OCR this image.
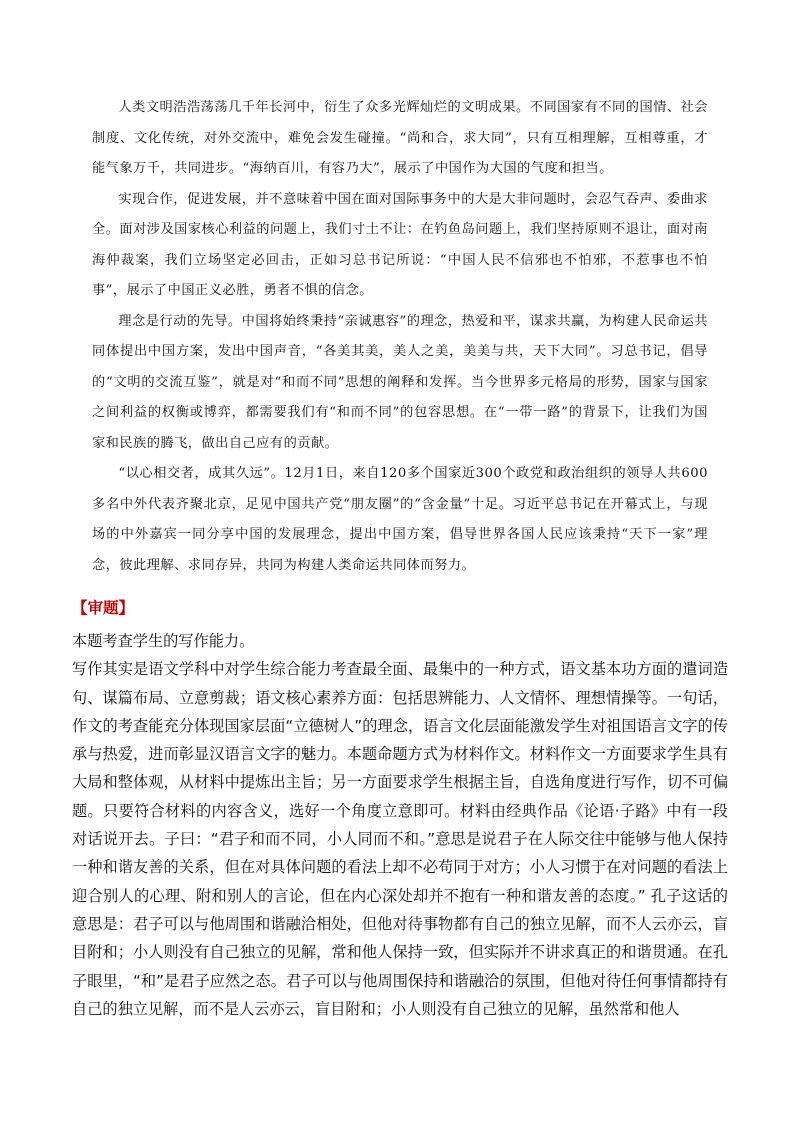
人类文明浩浩荡荡几千年长河中，衍生了众多光辉灿烂的文明成果。不同国家有不同的国情、社会制度、文化传统，对外交流中，难免会发生碰撞。“尚和合，求大同”，只有互相理解，互相尊重，才能气象万千，共同进步。“海纳百川，有容乃大”，展示了中国作为大国的气度和担当。

实现合作，促进发展，并不意味着中国在面对国际事务中的大是大非问题时，会忍气吞声、委曲求全。面对涉及国家核心利益的问题上，我们寸土不让：在钓鱼岛问题上，我们坚持原则不退让，面对南海仲裁案，我们立场坚定必回击，正如习总书记所说：“中国人民不信邪也不怕邪，不惹事也不怕事”，展示了中国正义必胜，勇者不惧的信念。

理念是行动的先导。中国将始终秉持“亲诚惠容”的理念，热爱和平，谋求共赢，为构建人民命运共同体提出中国方案，发出中国声音，“各美其美，美人之美，美美与共，天下大同”。习总书记，倡导的“文明的交流互鉴”，就是对“和而不同”思想的阐释和发挥。当今世界多元格局的形势，国家与国家之间利益的权衡或博弈，都需要我们有“和而不同”的包容思想。在“一带一路”的背景下，让我们为国家和民族的腾飞，做出自己应有的贡献。

“以心相交者，成其久远”。12月1日，来自120多个国家近300个政党和政治组织的领导人共600多名中外代表齐聚北京，足见中国共产党“朋友圈”的“含金量”十足。习近平总书记在开幕式上，与现场的中外嘉宾一同分享中国的发展理念，提出中国方案，倡导世界各国人民应该秉持“天下一家”理念，彼此理解、求同存异，共同为构建人类命运共同体而努力。

【审题】

本题考查学生的写作能力。

写作其实是语文学科中对学生综合能力考查最全面、最集中的一种方式，语文基本功方面的遣词造句、谋篇布局、立意剪裁；语文核心素养方面：包括思辨能力、人文情怀、理想情操等。一句话，作文的考查能充分体现国家层面“立德树人”的理念，语言文化层面能激发学生对祖国语言文字的传承与热爱，进而彰显汉语言文字的魅力。本题命题方式为材料作文。材料作文一方面要求学生具有大局和整体观，从材料中提炼出主旨；另一方面要求学生根据主旨，自选角度进行写作，切不可偏题。只要符合材料的内容含义，选好一个角度立意即可。材料由经典作品《论语·子路》中有一段对话说开去。子曰：“君子和而不同，小人同而不和。”意思是说君子在人际交往中能够与他人保持一种和谐友善的关系，但在对具体问题的看法上却不必苟同于对方；小人习惯于在对问题的看法上迎合别人的心理、附和别人的言论，但在内心深处却并不抱有一种和谐友善的态度。” 孔子这话的意思是：君子可以与他周围和谐融洽相处，但他对待事物都有自己的独立见解，而不人云亦云，盲目附和；小人则没有自己独立的见解，常和他人保持一致，但实际并不讲求真正的和谐贯通。在孔子眼里，“和”是君子应然之态。君子可以与他周围保持和谐融洽的氛围，但他对待任何事情都持有自己的独立见解，而不是人云亦云，盲目附和；小人则没有自己独立的见解，虽然常和他人
